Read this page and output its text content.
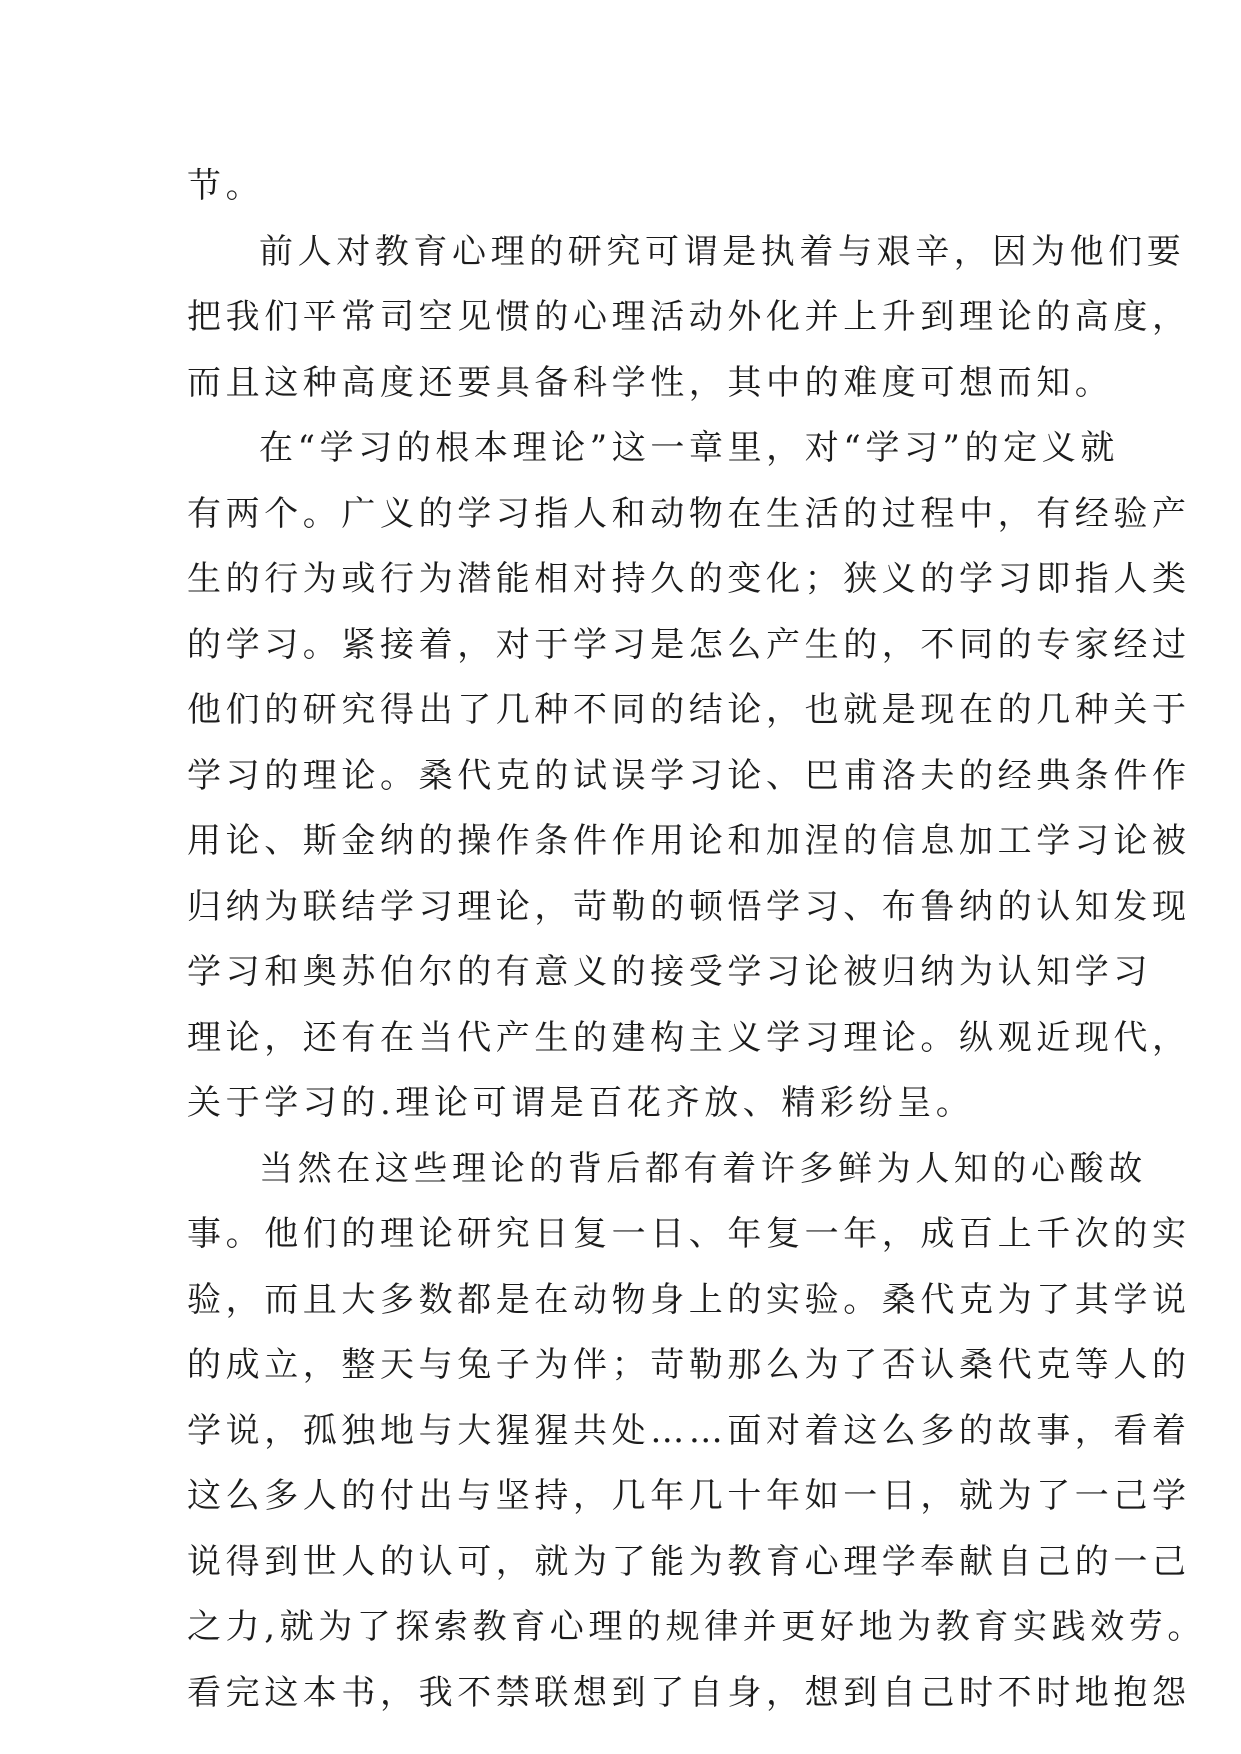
节。
前人对教育心理的研究可谓是执着与艰辛，因为他们要
把我们平常司空见惯的心理活动外化并上升到理论的高度，
而且这种高度还要具备科学性，其中的难度可想而知。
在“学习的根本理论”这一章里，对“学习”的定义就
有两个。广义的学习指人和动物在生活的过程中，有经验产
生的行为或行为潜能相对持久的变化；狭义的学习即指人类
的学习。紧接着，对于学习是怎么产生的，不同的专家经过
他们的研究得出了几种不同的结论，也就是现在的几种关于
学习的理论。桑代克的试误学习论、巴甫洛夫的经典条件作
用论、斯金纳的操作条件作用论和加涅的信息加工学习论被
归纳为联结学习理论，苛勒的顿悟学习、布鲁纳的认知发现
学习和奥苏伯尔的有意义的接受学习论被归纳为认知学习
理论，还有在当代产生的建构主义学习理论。纵观近现代，
关于学习的.理论可谓是百花齐放、精彩纷呈。
当然在这些理论的背后都有着许多鲜为人知的心酸故
事。他们的理论研究日复一日、年复一年，成百上千次的实
验，而且大多数都是在动物身上的实验。桑代克为了其学说
的成立，整天与兔子为伴；苛勒那么为了否认桑代克等人的
学说，孤独地与大猩猩共处……面对着这么多的故事，看着
这么多人的付出与坚持，几年几十年如一日，就为了一己学
说得到世人的认可，就为了能为教育心理学奉献自己的一己
之力,就为了探索教育心理的规律并更好地为教育实践效劳。
看完这本书，我不禁联想到了自身，想到自己时不时地抱怨
